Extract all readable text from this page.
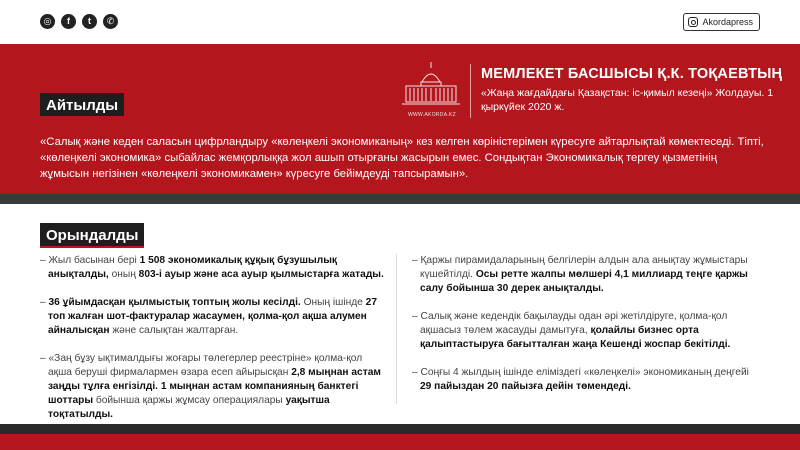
◎	f	t	✆	Akordapress
WWW.AKORDA.KZ
МЕМЛЕКЕТ БАСШЫСЫ Қ.К. ТОҚАЕВТЫҢ
«Жаңа жағдайдағы Қазақстан: іс-қимыл кезеңі» Жолдауы. 1 қыркүйек 2020 ж.
Айтылды
«Салық және кеден саласын цифрландыру «көлеңкелі экономиканың» кез келген көріністерімен күресуге айтарлықтай көмектеседі. Тіпті, «көлеңкелі экономика» сыбайлас жемқорлыққа жол ашып отырғаны жасырын емес. Сондықтан Экономикалық тергеу қызметінің жұмысын негізінен «көлеңкелі экономикамен» күресуге бейімдеуді тапсырамын».
Орындалды

– Жыл басынан бері 1 508 экономикалық құқық бұзушылық анықталды, оның 803-і ауыр және аса ауыр қылмыстарға жатады.

– 36 ұйымдасқан қылмыстық топтың жолы кесілді. Оның ішінде 27 топ жалған шот-фактуралар жасаумен, қолма-қол ақша алумен айналысқан және салықтан жалтарған.

– «Заң бұзу ықтималдығы жоғары төлегерлер реестріне» қолма-қол ақша беруші фирмалармен өзара есеп айырысқан 2,8 мыңнан астам заңды тұлға енгізілді. 1 мыңнан астам компанияның банктегі шоттары бойынша қаржы жұмсау операциялары уақытша тоқтатылды.

– Қаржы пирамидаларының белгілерін алдын ала анықтау жұмыстары күшейтілді. Осы ретте жалпы мөлшері 4,1 миллиард теңге қаржы салу бойынша 30 дерек анықталды.

– Салық және кедендік бақылауды одан әрі жетілдіруге, қолма-қол ақшасыз төлем жасауды дамытуға, қолайлы бизнес орта қалыптастыруға бағытталған жаңа Кешенді жоспар бекітілді.

– Соңғы 4 жылдың ішінде еліміздегі «көлеңкелі» экономиканың деңгейі 29 пайыздан 20 пайызға дейін төмендеді.
